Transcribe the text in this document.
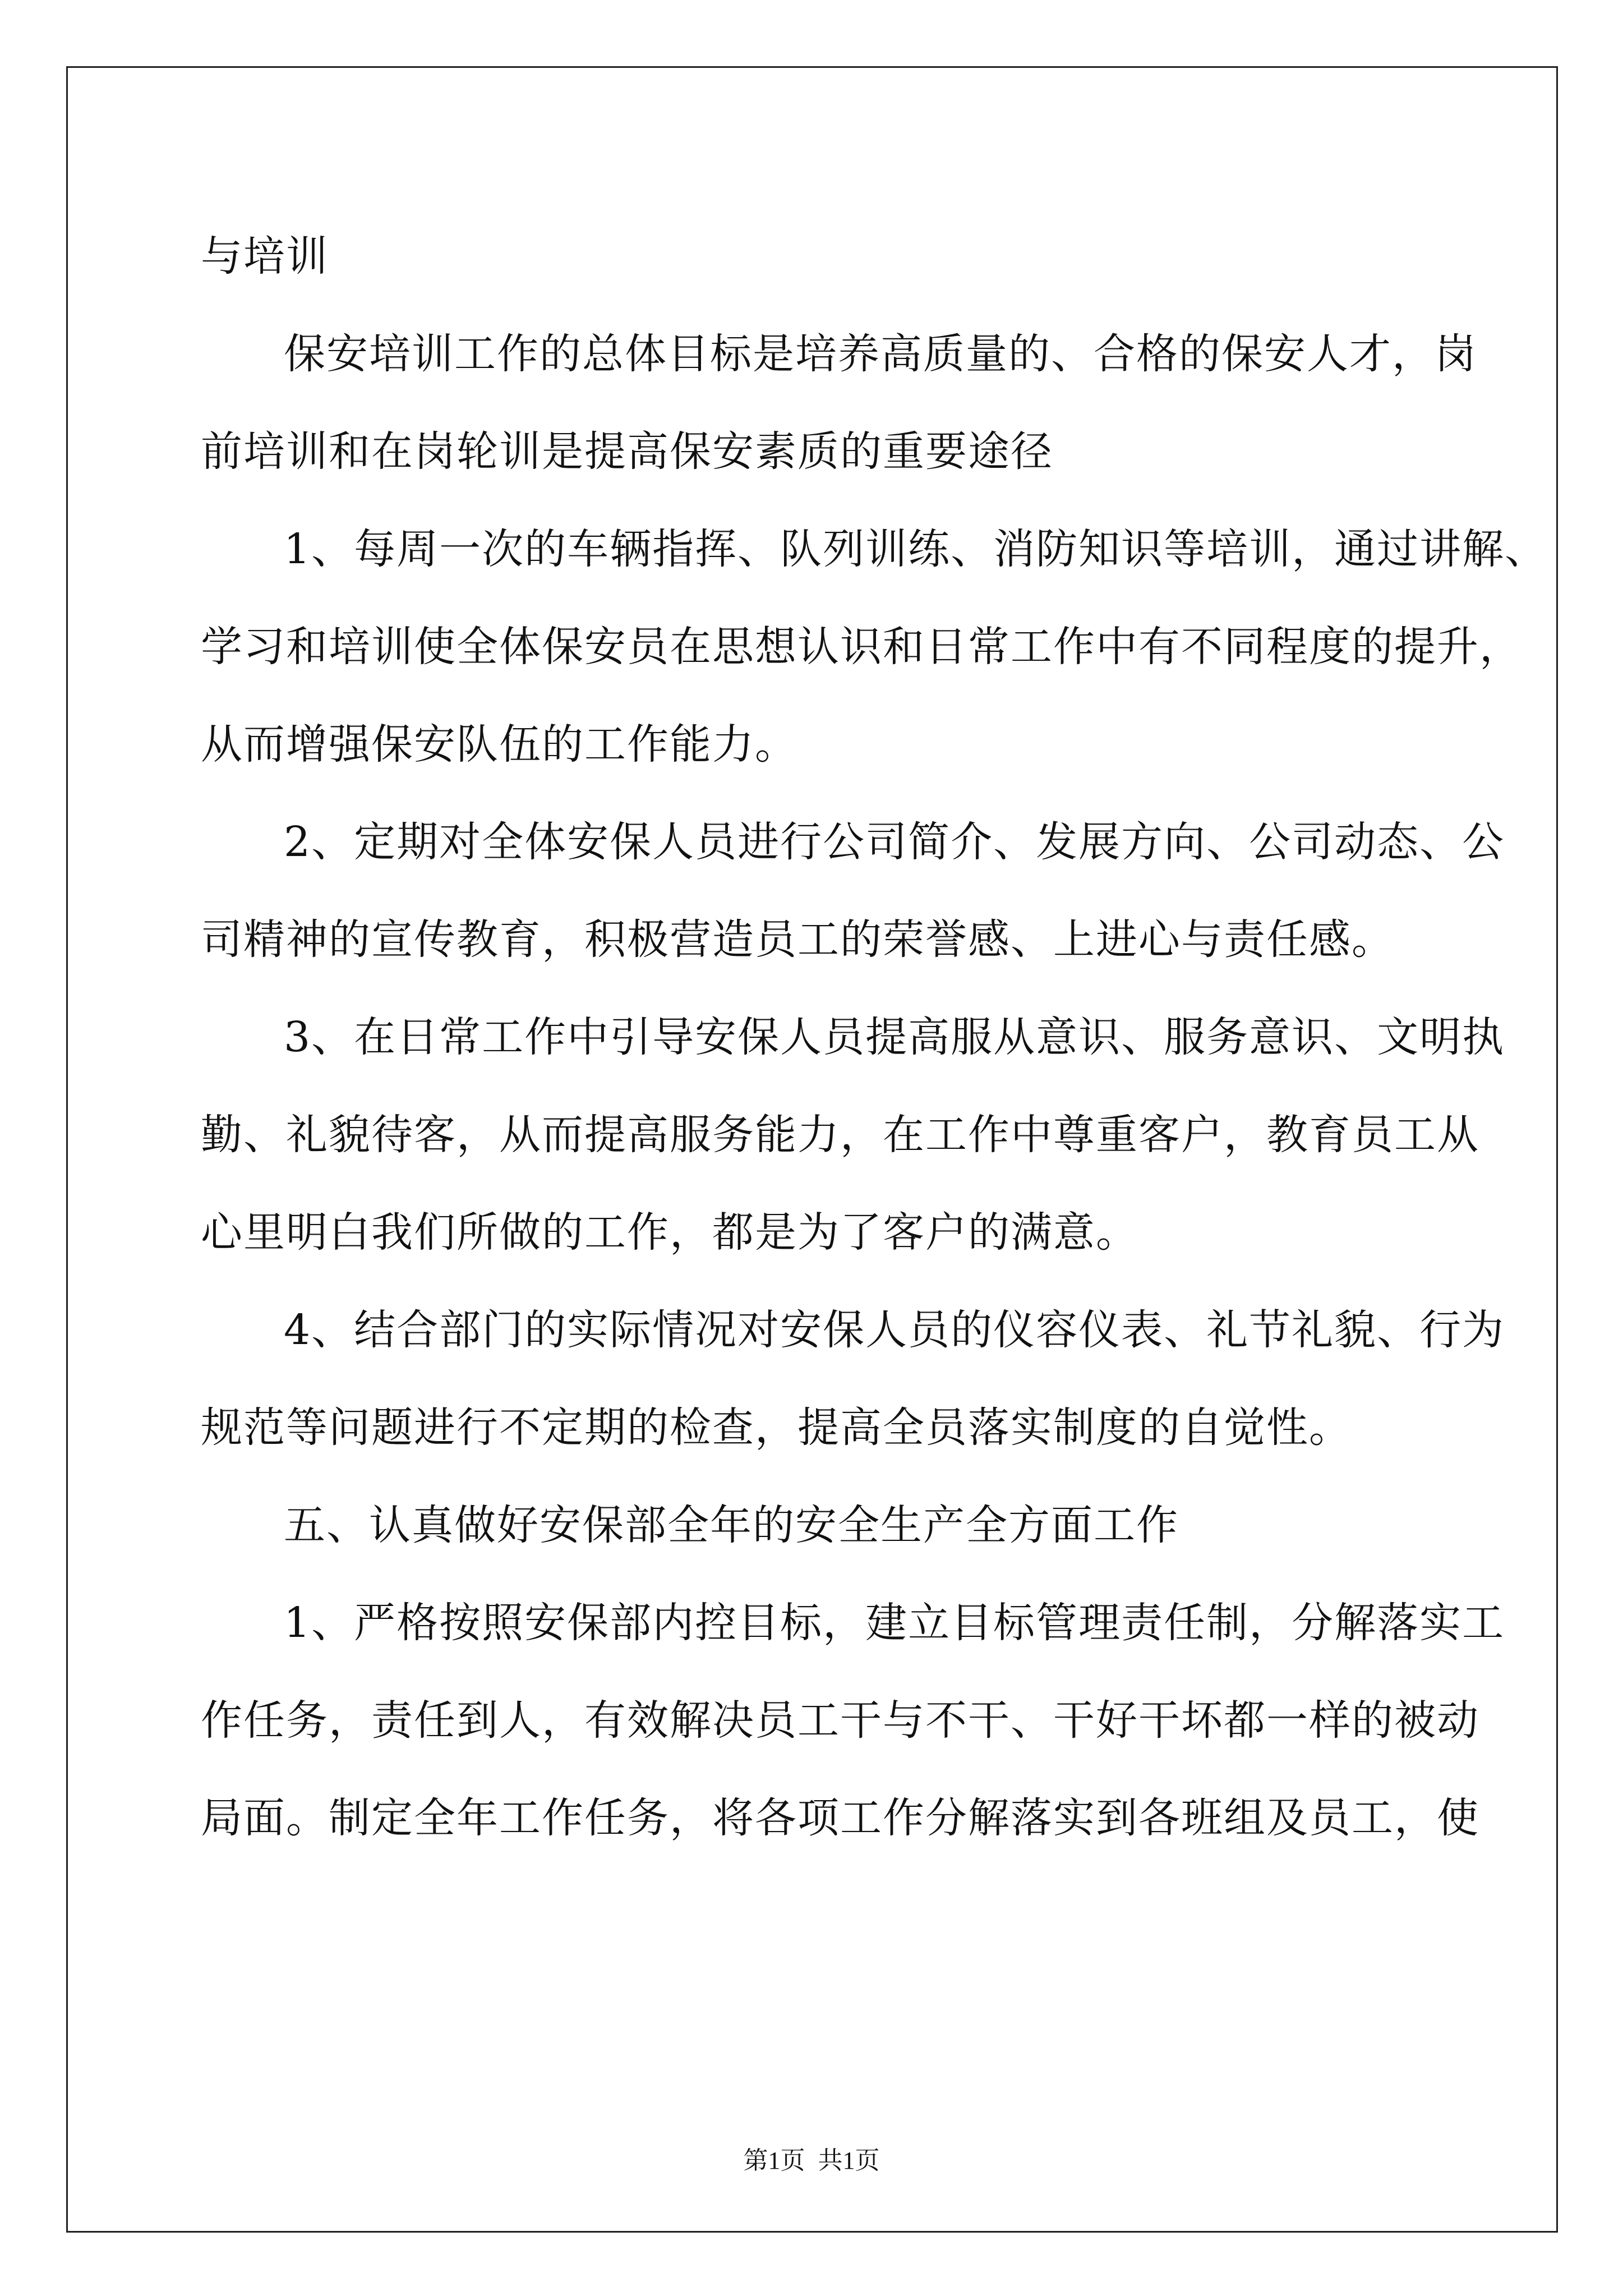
与培训
保安培训工作的总体目标是培养高质量的、合格的保安人才，岗
前培训和在岗轮训是提高保安素质的重要途径
1、每周一次的车辆指挥、队列训练、消防知识等培训，通过讲解、
学习和培训使全体保安员在思想认识和日常工作中有不同程度的提升，
从而增强保安队伍的工作能力。
2、定期对全体安保人员进行公司简介、发展方向、公司动态、公
司精神的宣传教育，积极营造员工的荣誉感、上进心与责任感。
3、在日常工作中引导安保人员提高服从意识、服务意识、文明执
勤、礼貌待客，从而提高服务能力，在工作中尊重客户，教育员工从
心里明白我们所做的工作，都是为了客户的满意。
4、结合部门的实际情况对安保人员的仪容仪表、礼节礼貌、行为
规范等问题进行不定期的检查，提高全员落实制度的自觉性。
五、认真做好安保部全年的安全生产全方面工作
1、严格按照安保部内控目标，建立目标管理责任制，分解落实工
作任务，责任到人，有效解决员工干与不干、干好干坏都一样的被动
局面。制定全年工作任务，将各项工作分解落实到各班组及员工，使
第1页 共1页
